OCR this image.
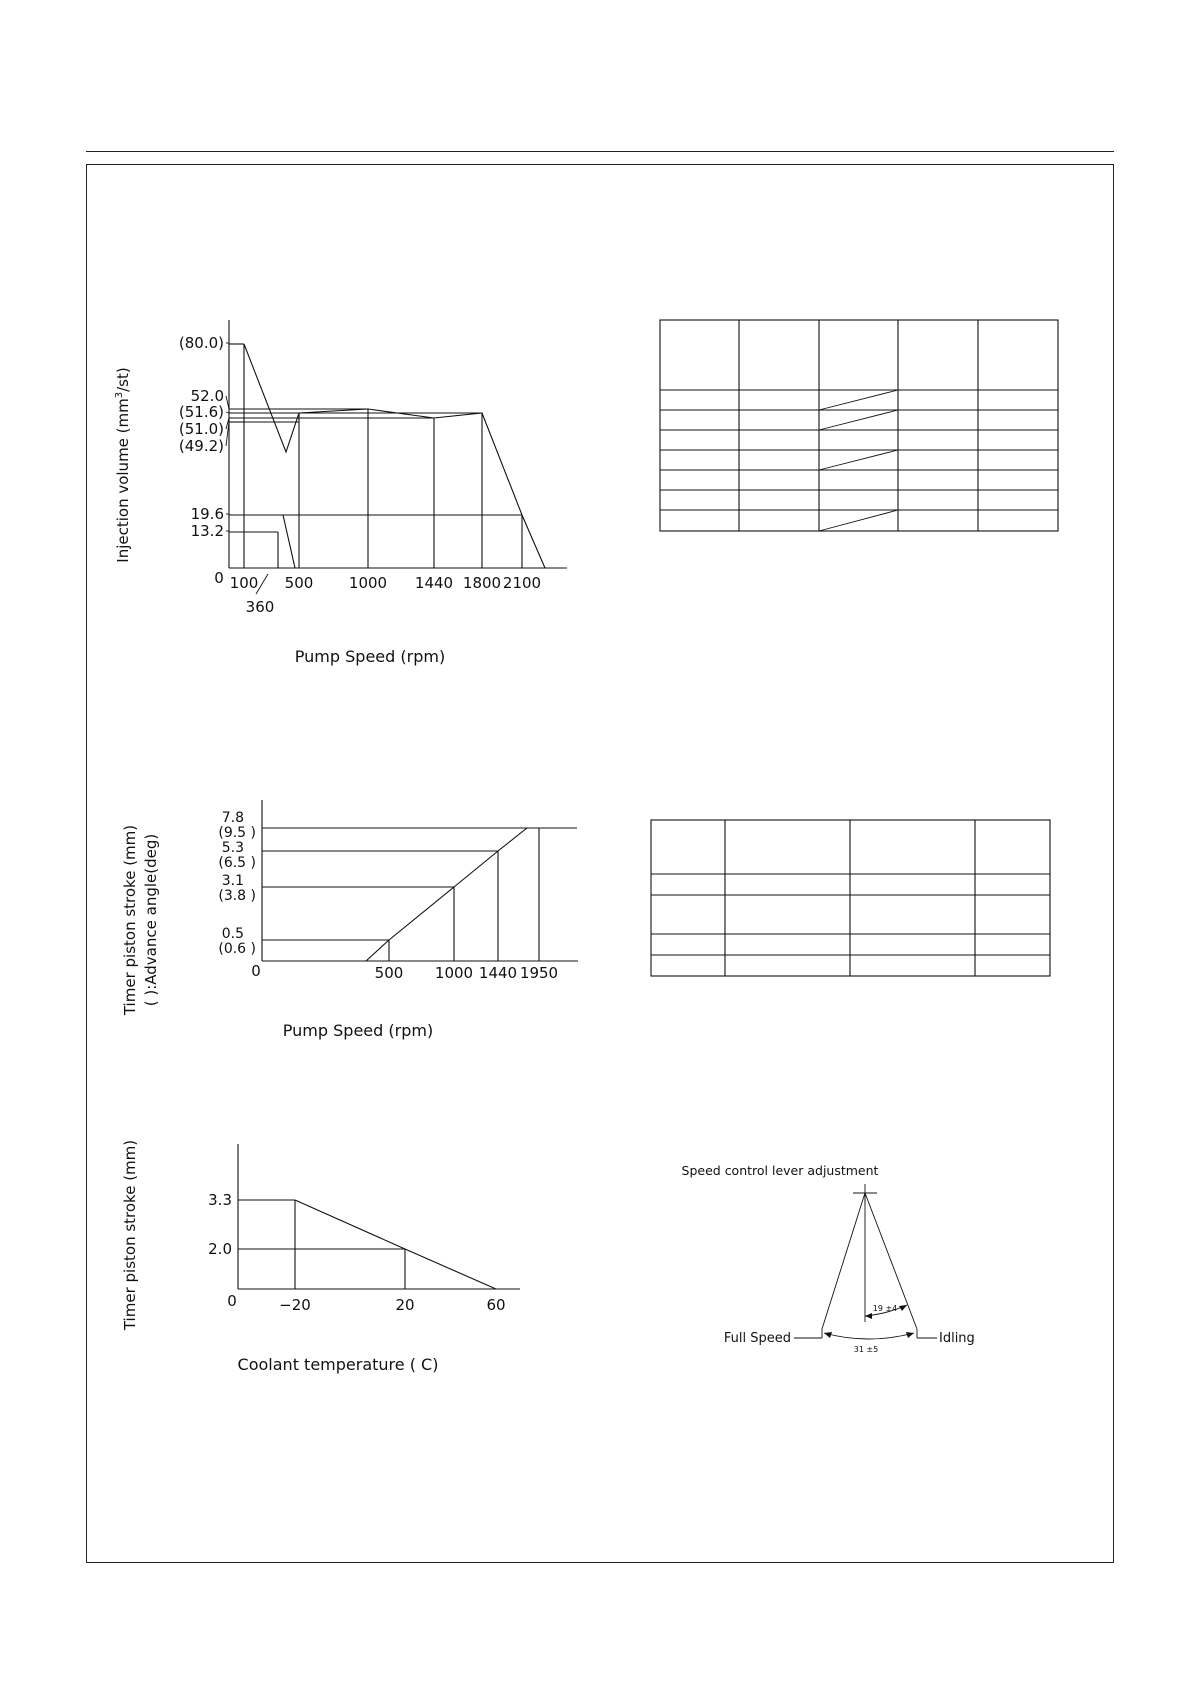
Injection volume $(mm^3/st)$
Pump Speed (rpm)
0
(80.0)
52.0
(51.6)
(51.0)
(49.2)
19.6
13.2
100 500 1000 1440 1800 2100
360
Timer piston stroke (mm) ( ):Advance angle(deg)
Pump Speed (rpm)
0
7.8
(9.5 )
5.3
(6.5 )
3.1
(3.8 )
0.5
(0.6 )
500 1000 1440 1950
Timer piston stroke (mm)
Coolant temperature ( C)
0
3.3
2.0
−20	20	60
Speed control lever adjustment
19 ±4
31 ±5
Full Speed	Idling
